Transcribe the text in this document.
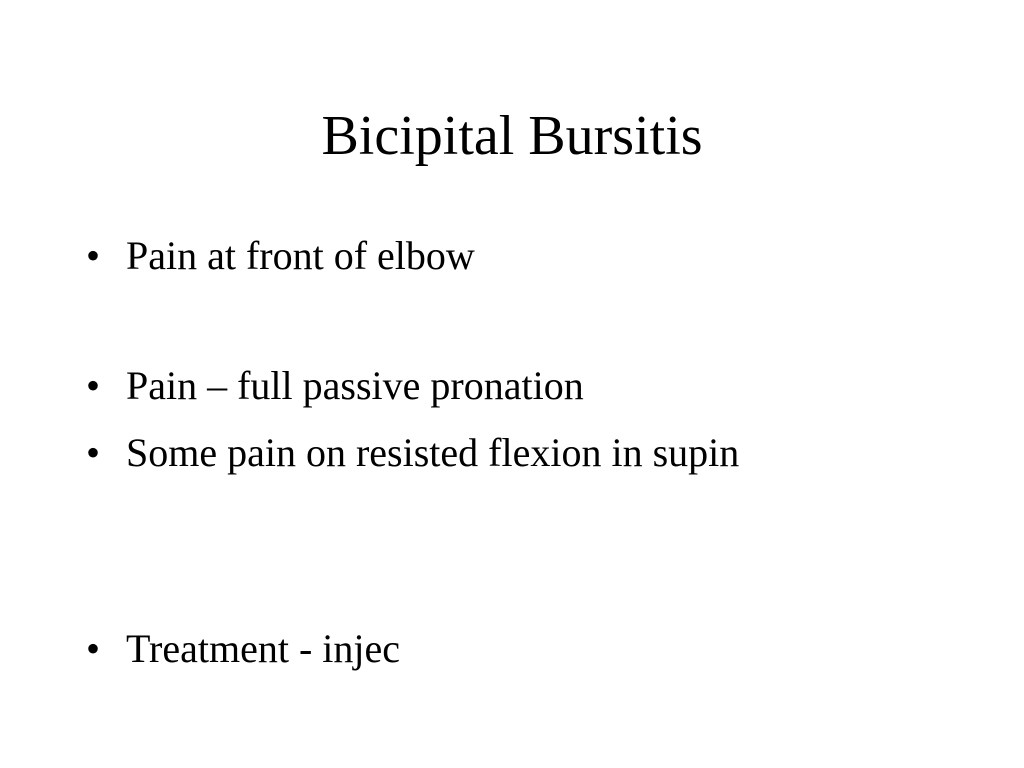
Bicipital Bursitis
• Pain at front of elbow
• Pain – full passive pronation
• Some pain on resisted flexion in supin
• Treatment - injec
